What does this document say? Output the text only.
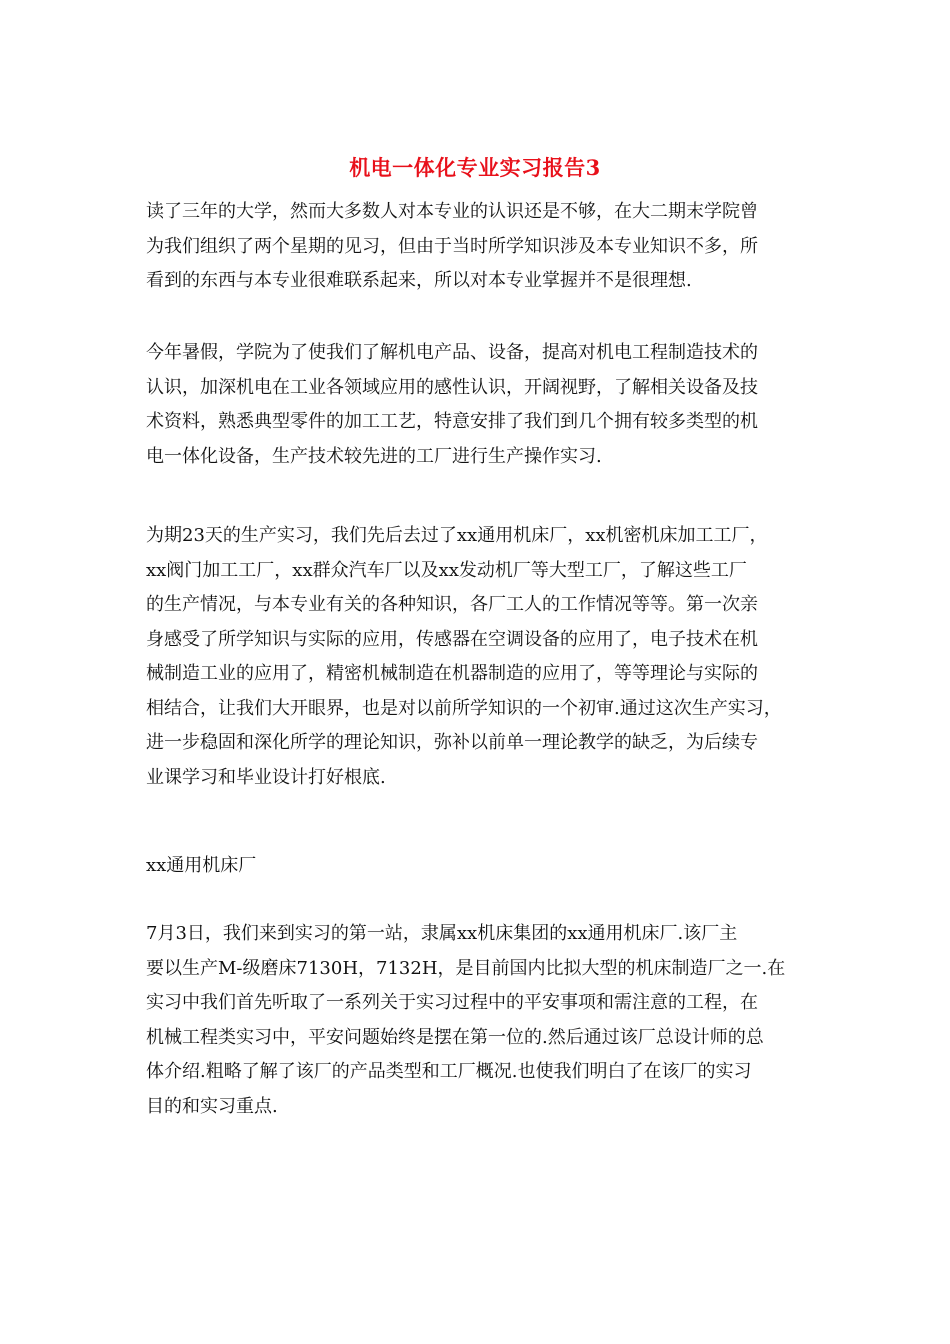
机电一体化专业实习报告3
读了三年的大学，然而大多数人对本专业的认识还是不够，在大二期末学院曾
为我们组织了两个星期的见习，但由于当时所学知识涉及本专业知识不多，所
看到的东西与本专业很难联系起来，所以对本专业掌握并不是很理想.
今年暑假，学院为了使我们了解机电产品、设备，提高对机电工程制造技术的
认识，加深机电在工业各领域应用的感性认识，开阔视野，了解相关设备及技
术资料，熟悉典型零件的加工工艺，特意安排了我们到几个拥有较多类型的机
电一体化设备，生产技术较先进的工厂进行生产操作实习.
为期23天的生产实习，我们先后去过了xx通用机床厂，xx机密机床加工工厂，
xx阀门加工工厂，xx群众汽车厂以及xx发动机厂等大型工厂，了解这些工厂
的生产情况，与本专业有关的各种知识，各厂工人的工作情况等等。第一次亲
身感受了所学知识与实际的应用，传感器在空调设备的应用了，电子技术在机
械制造工业的应用了，精密机械制造在机器制造的应用了，等等理论与实际的
相结合，让我们大开眼界，也是对以前所学知识的一个初审.通过这次生产实习，
进一步稳固和深化所学的理论知识，弥补以前单一理论教学的缺乏，为后续专
业课学习和毕业设计打好根底.
xx通用机床厂
7月3日，我们来到实习的第一站，隶属xx机床集团的xx通用机床厂.该厂主
要以生产M-级磨床7130H，7132H，是目前国内比拟大型的机床制造厂之一.在
实习中我们首先听取了一系列关于实习过程中的平安事项和需注意的工程，在
机械工程类实习中，平安问题始终是摆在第一位的.然后通过该厂总设计师的总
体介绍.粗略了解了该厂的产品类型和工厂概况.也使我们明白了在该厂的实习
目的和实习重点.
